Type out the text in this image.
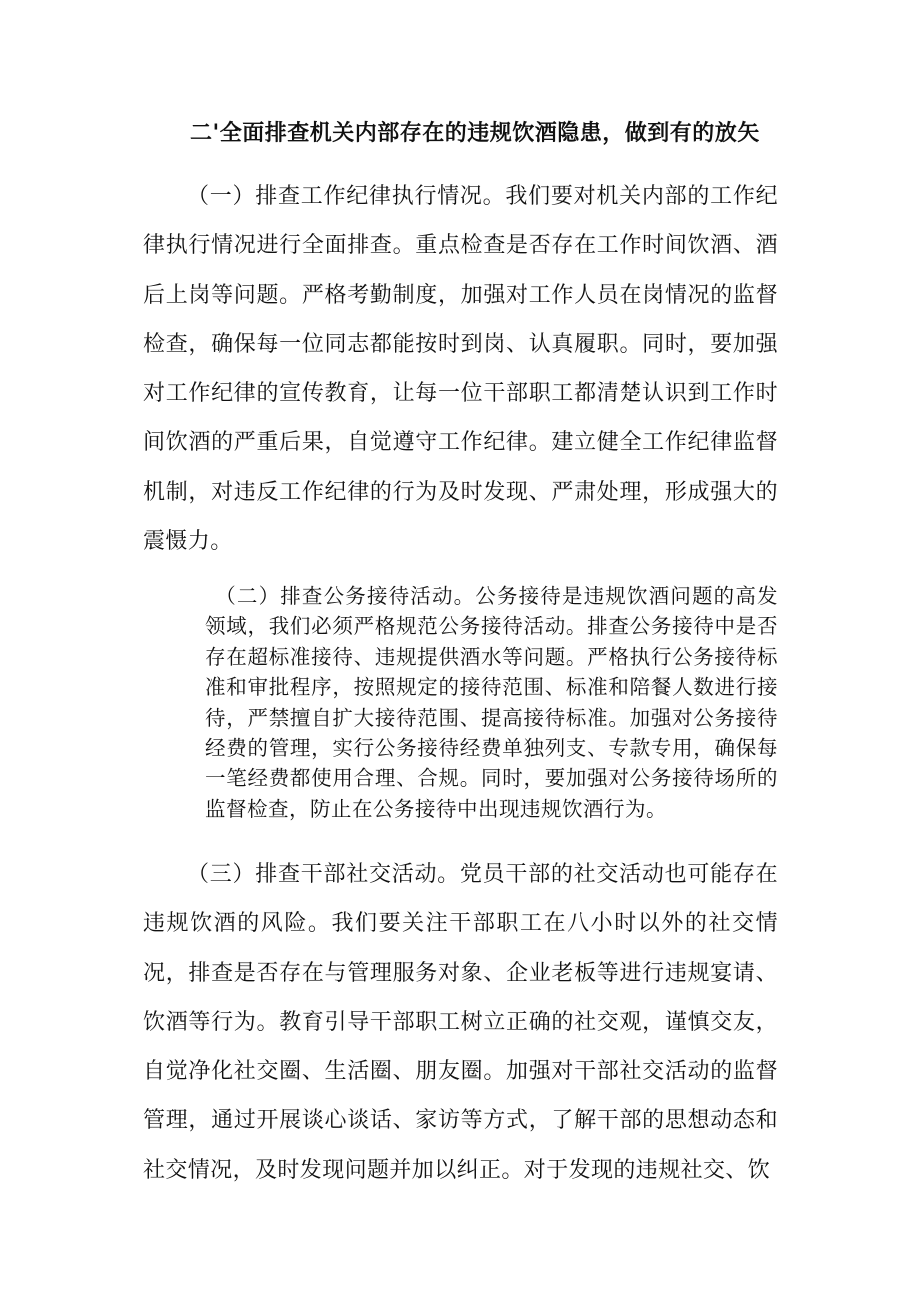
二'全面排查机关内部存在的违规饮酒隐患，做到有的放矢

（一）排查工作纪律执行情况。我们要对机关内部的工作纪律执行情况进行全面排查。重点检查是否存在工作时间饮酒、酒后上岗等问题。严格考勤制度，加强对工作人员在岗情况的监督检查，确保每一位同志都能按时到岗、认真履职。同时，要加强对工作纪律的宣传教育，让每一位干部职工都清楚认识到工作时间饮酒的严重后果，自觉遵守工作纪律。建立健全工作纪律监督机制，对违反工作纪律的行为及时发现、严肃处理，形成强大的震慑力。

（二）排查公务接待活动。公务接待是违规饮酒问题的高发领域，我们必须严格规范公务接待活动。排查公务接待中是否存在超标准接待、违规提供酒水等问题。严格执行公务接待标准和审批程序，按照规定的接待范围、标准和陪餐人数进行接待，严禁擅自扩大接待范围、提高接待标准。加强对公务接待经费的管理，实行公务接待经费单独列支、专款专用，确保每一笔经费都使用合理、合规。同时，要加强对公务接待场所的监督检查，防止在公务接待中出现违规饮酒行为。

（三）排查干部社交活动。党员干部的社交活动也可能存在违规饮酒的风险。我们要关注干部职工在八小时以外的社交情况，排查是否存在与管理服务对象、企业老板等进行违规宴请、饮酒等行为。教育引导干部职工树立正确的社交观，谨慎交友，自觉净化社交圈、生活圈、朋友圈。加强对干部社交活动的监督管理，通过开展谈心谈话、家访等方式，了解干部的思想动态和社交情况，及时发现问题并加以纠正。对于发现的违规社交、饮
